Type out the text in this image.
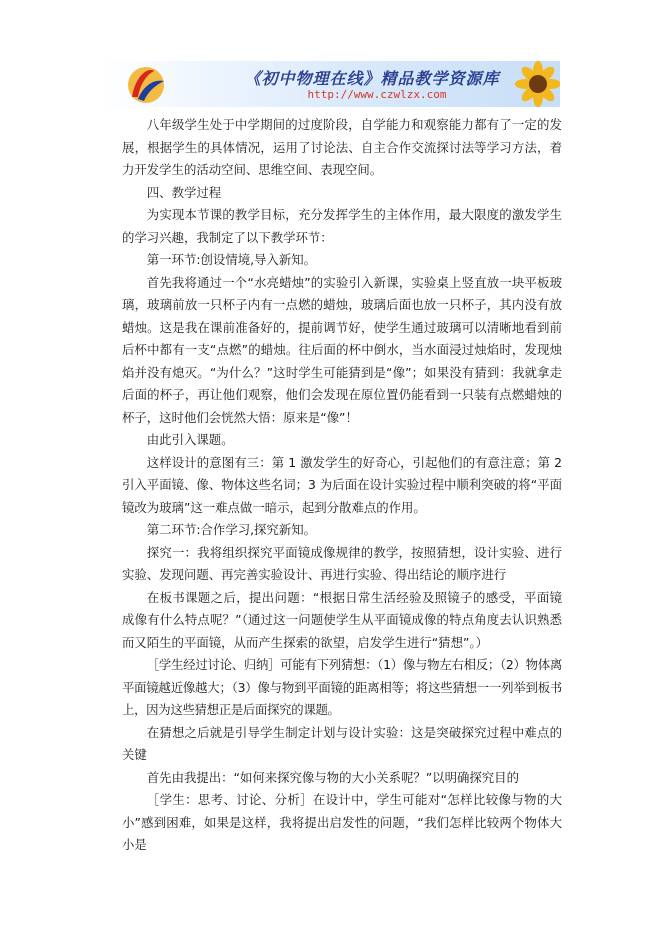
《初中物理在线》精品教学资源库
http://www.czwlzx.com

八年级学生处于中学期间的过度阶段，自学能力和观察能力都有了一定的发展，根据学生的具体情况，运用了讨论法、自主合作交流探讨法等学习方法，着力开发学生的活动空间、思维空间、表现空间。

四、教学过程

为实现本节课的教学目标，充分发挥学生的主体作用，最大限度的激发学生的学习兴趣，我制定了以下教学环节：

第一环节:创设情境,导入新知。

首先我将通过一个“水亮蜡烛”的实验引入新课，实验桌上竖直放一块平板玻璃，玻璃前放一只杯子内有一点燃的蜡烛，玻璃后面也放一只杯子，其内没有放蜡烛。这是我在课前准备好的，提前调节好，使学生通过玻璃可以清晰地看到前后杯中都有一支“点燃”的蜡烛。往后面的杯中倒水，当水面浸过烛焰时，发现烛焰并没有熄灭。“为什么？”这时学生可能猜到是“像”；如果没有猜到：我就拿走后面的杯子，再让他们观察，他们会发现在原位置仍能看到一只装有点燃蜡烛的杯子，这时他们会恍然大悟：原来是“像”！

由此引入课题。

这样设计的意图有三：第 1 激发学生的好奇心，引起他们的有意注意；第 2 引入平面镜、像、物体这些名词；3 为后面在设计实验过程中顺利突破的将“平面镜改为玻璃”这一难点做一暗示，起到分散难点的作用。

第二环节:合作学习,探究新知。

探究一：我将组织探究平面镜成像规律的教学，按照猜想，设计实验、进行实验、发现问题、再完善实验设计、再进行实验、得出结论的顺序进行

在板书课题之后，提出问题：“根据日常生活经验及照镜子的感受，平面镜成像有什么特点呢？”（通过这一问题使学生从平面镜成像的特点角度去认识熟悉而又陌生的平面镜，从而产生探索的欲望，启发学生进行“猜想”。）

［学生经过讨论、归纳］可能有下列猜想：（1）像与物左右相反；（2）物体离平面镜越近像越大；（3）像与物到平面镜的距离相等；将这些猜想一一列举到板书上，因为这些猜想正是后面探究的课题。

在猜想之后就是引导学生制定计划与设计实验：这是突破探究过程中难点的关键

首先由我提出：“如何来探究像与物的大小关系呢？”以明确探究目的

［学生：思考、讨论、分析］在设计中，学生可能对“怎样比较像与物的大小”感到困难，如果是这样，我将提出启发性的问题，“我们怎样比较两个物体大小是
